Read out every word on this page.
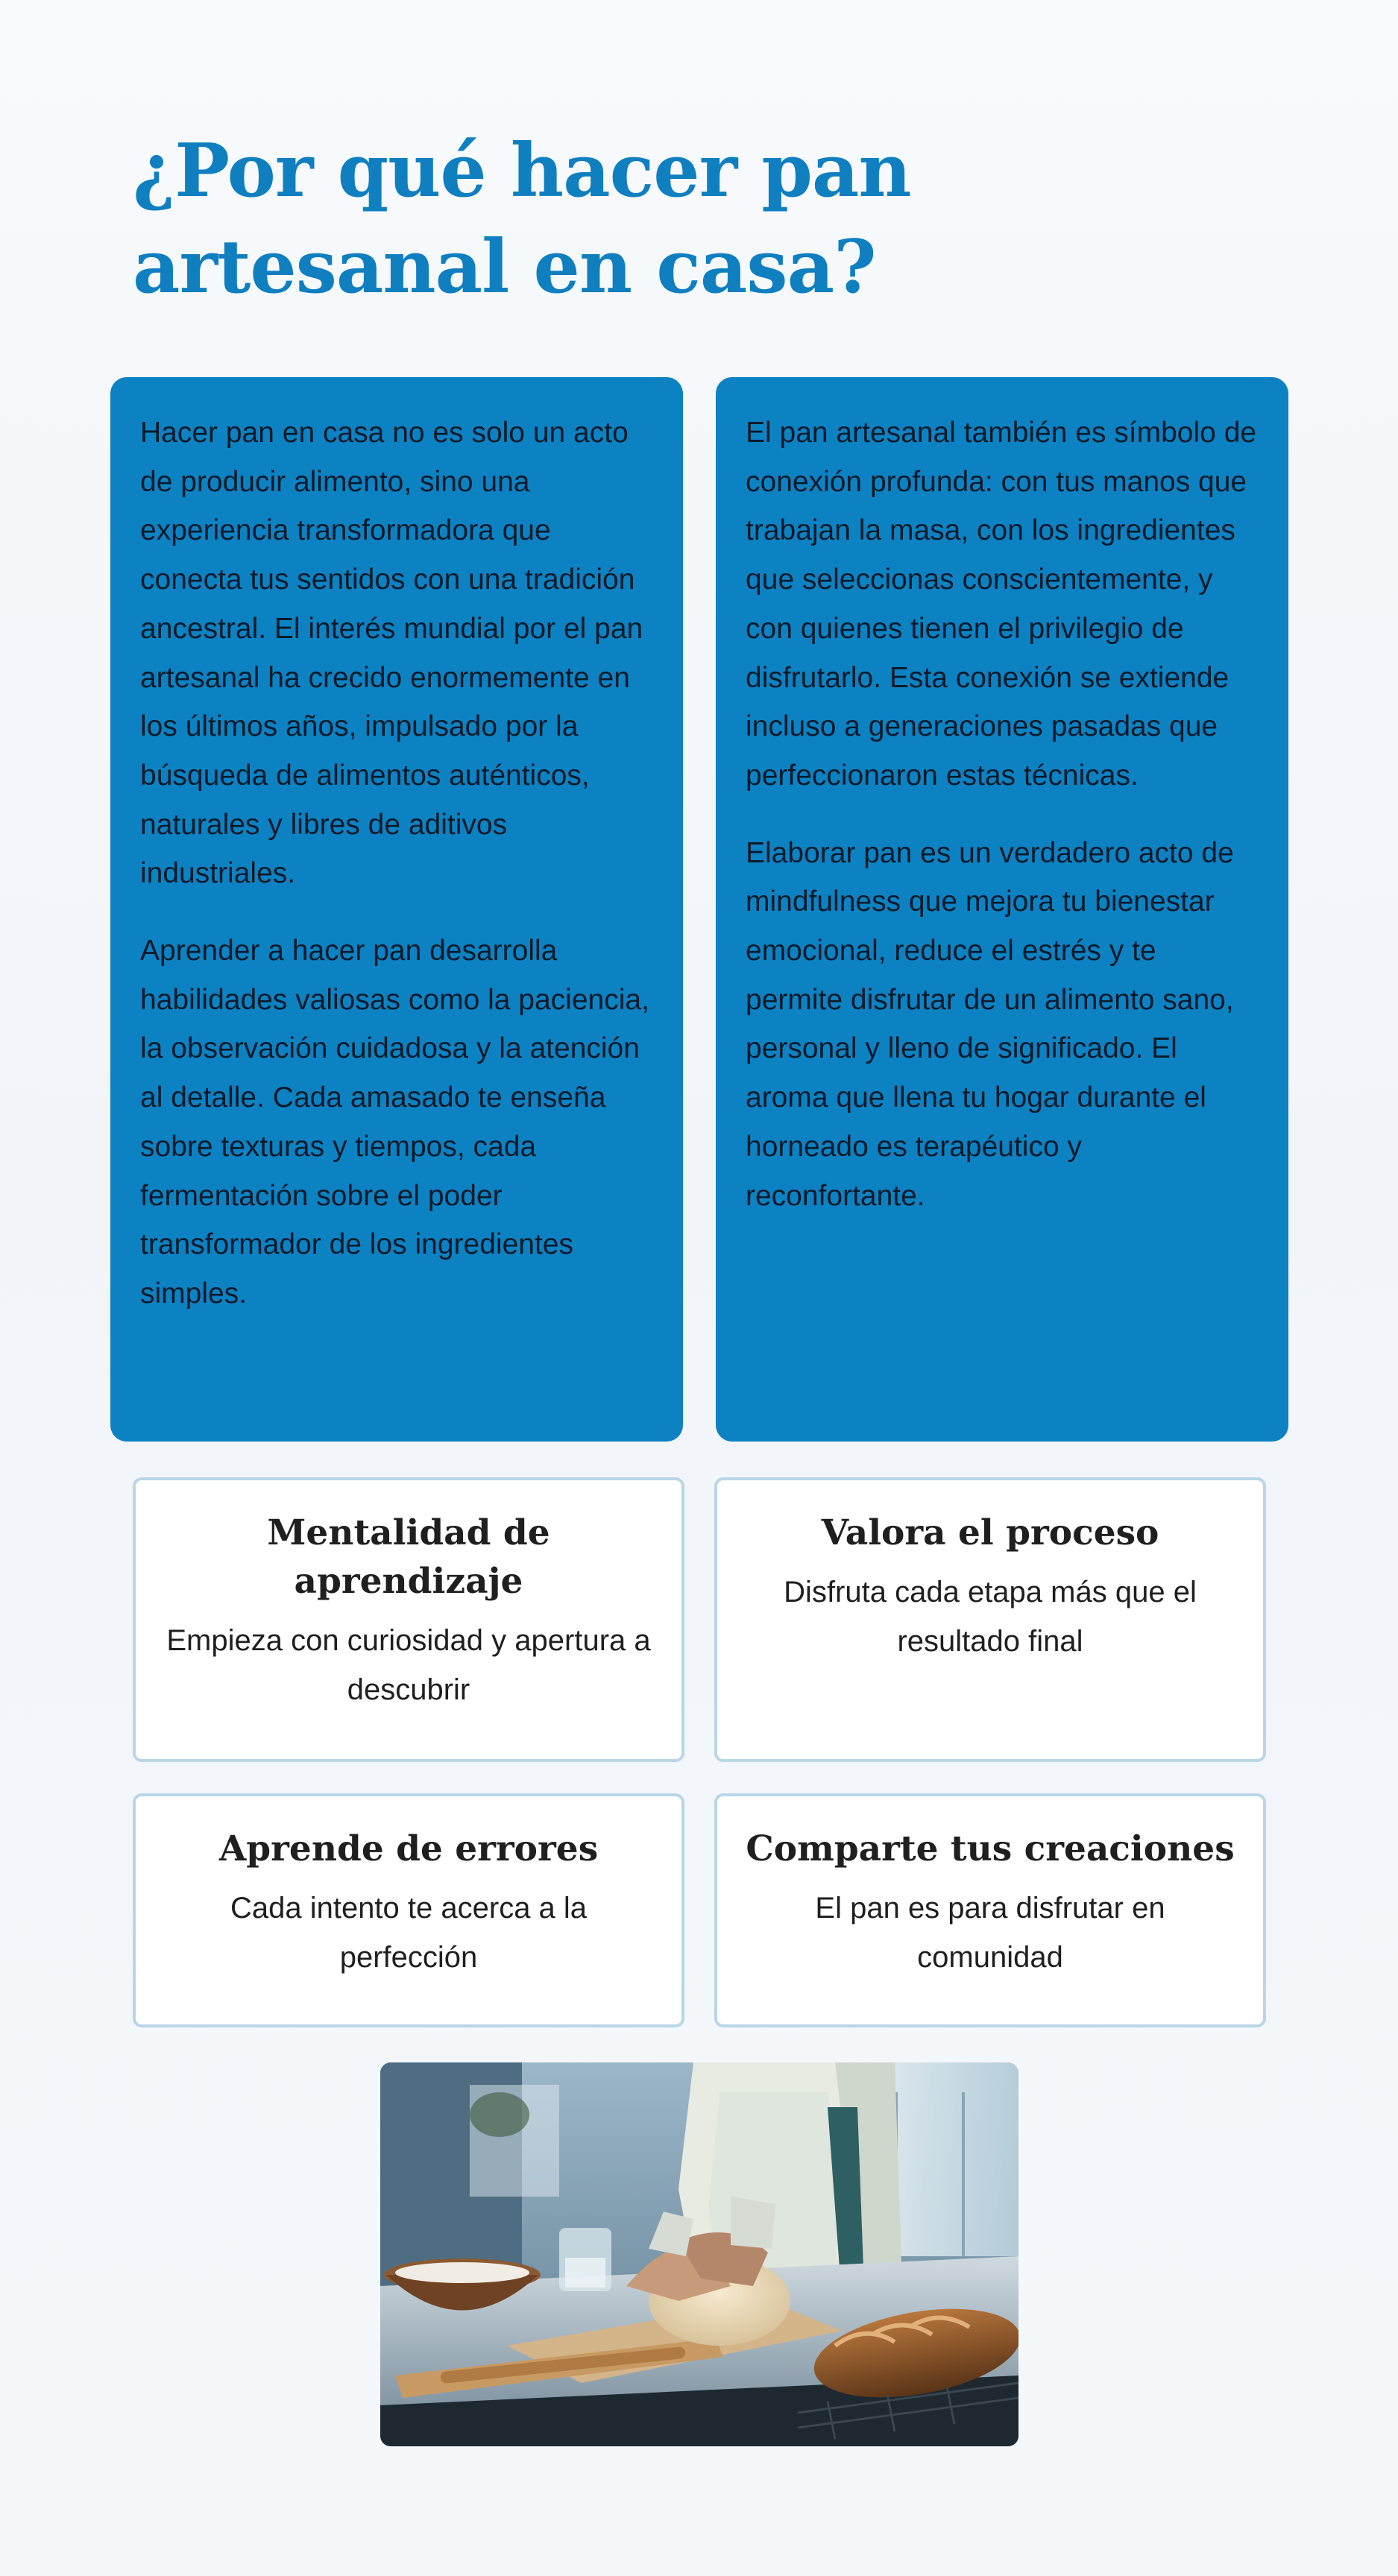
¿Por qué hacer pan artesanal en casa?

Hacer pan en casa no es solo un acto de producir alimento, sino una experiencia transformadora que conecta tus sentidos con una tradición ancestral. El interés mundial por el pan artesanal ha crecido enormemente en los últimos años, impulsado por la búsqueda de alimentos auténticos, naturales y libres de aditivos industriales.

Aprender a hacer pan desarrolla habilidades valiosas como la paciencia, la observación cuidadosa y la atención al detalle. Cada amasado te enseña sobre texturas y tiempos, cada fermentación sobre el poder transformador de los ingredientes simples.

El pan artesanal también es símbolo de conexión profunda: con tus manos que trabajan la masa, con los ingredientes que seleccionas conscientemente, y con quienes tienen el privilegio de disfrutarlo. Esta conexión se extiende incluso a generaciones pasadas que perfeccionaron estas técnicas.

Elaborar pan es un verdadero acto de mindfulness que mejora tu bienestar emocional, reduce el estrés y te permite disfrutar de un alimento sano, personal y lleno de significado. El aroma que llena tu hogar durante el horneado es terapéutico y reconfortante.

Mentalidad de aprendizaje

Empieza con curiosidad y apertura a descubrir

Valora el proceso

Disfruta cada etapa más que el resultado final

Aprende de errores

Cada intento te acerca a la perfección

Comparte tus creaciones

El pan es para disfrutar en comunidad
